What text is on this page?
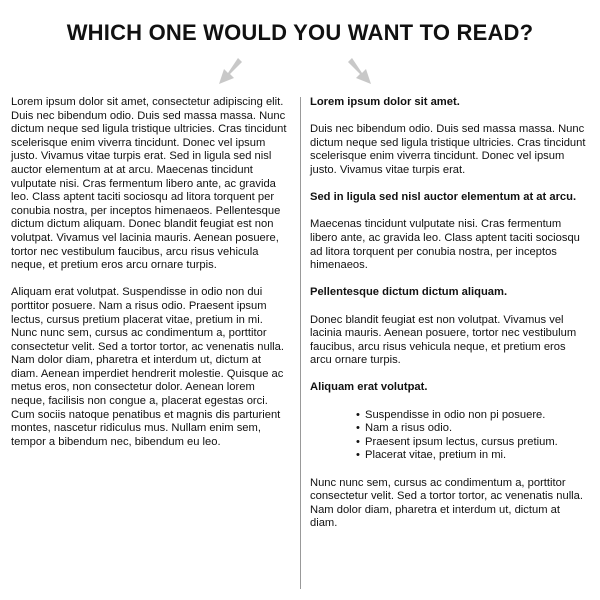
WHICH ONE WOULD YOU WANT TO READ?

Lorem ipsum dolor sit amet, consectetur adipiscing elit. Duis nec bibendum odio. Duis sed massa massa. Nunc dictum neque sed ligula tristique ultricies. Cras tincidunt scelerisque enim viverra tincidunt. Donec vel ipsum justo. Vivamus vitae turpis erat. Sed in ligula sed nisl auctor elementum at at arcu. Maecenas tincidunt vulputate nisi. Cras fermentum libero ante, ac gravida leo. Class aptent taciti sociosqu ad litora torquent per conubia nostra, per inceptos himenaeos. Pellentesque dictum dictum aliquam. Donec blandit feugiat est non volutpat. Vivamus vel lacinia mauris. Aenean posuere, tortor nec vestibulum faucibus, arcu risus vehicula neque, et pretium eros arcu ornare turpis.

Aliquam erat volutpat. Suspendisse in odio non dui porttitor posuere. Nam a risus odio. Praesent ipsum lectus, cursus pretium placerat vitae, pretium in mi. Nunc nunc sem, cursus ac condimentum a, porttitor consectetur velit. Sed a tortor tortor, ac venenatis nulla. Nam dolor diam, pharetra et interdum ut, dictum at diam. Aenean imperdiet hendrerit molestie. Quisque ac metus eros, non consectetur dolor. Aenean lorem neque, facilisis non congue a, placerat egestas orci. Cum sociis natoque penatibus et magnis dis parturient montes, nascetur ridiculus mus. Nullam enim sem, tempor a bibendum nec, bibendum eu leo.

Lorem ipsum dolor sit amet.

Duis nec bibendum odio. Duis sed massa massa. Nunc dictum neque sed ligula tristique ultricies. Cras tincidunt scelerisque enim viverra tincidunt. Donec vel ipsum justo. Vivamus vitae turpis erat.

Sed in ligula sed nisl auctor elementum at at arcu.

Maecenas tincidunt vulputate nisi. Cras fermentum libero ante, ac gravida leo. Class aptent taciti sociosqu ad litora torquent per conubia nostra, per inceptos himenaeos.

Pellentesque dictum dictum aliquam.

Donec blandit feugiat est non volutpat. Vivamus vel lacinia mauris. Aenean posuere, tortor nec vestibulum faucibus, arcu risus vehicula neque, et pretium eros arcu ornare turpis.

Aliquam erat volutpat.

• Suspendisse in odio non pi posuere.
• Nam a risus odio.
• Praesent ipsum lectus, cursus pretium.
• Placerat vitae, pretium in mi.

Nunc nunc sem, cursus ac condimentum a, porttitor consectetur velit. Sed a tortor tortor, ac venenatis nulla. Nam dolor diam, pharetra et interdum ut, dictum at diam.
